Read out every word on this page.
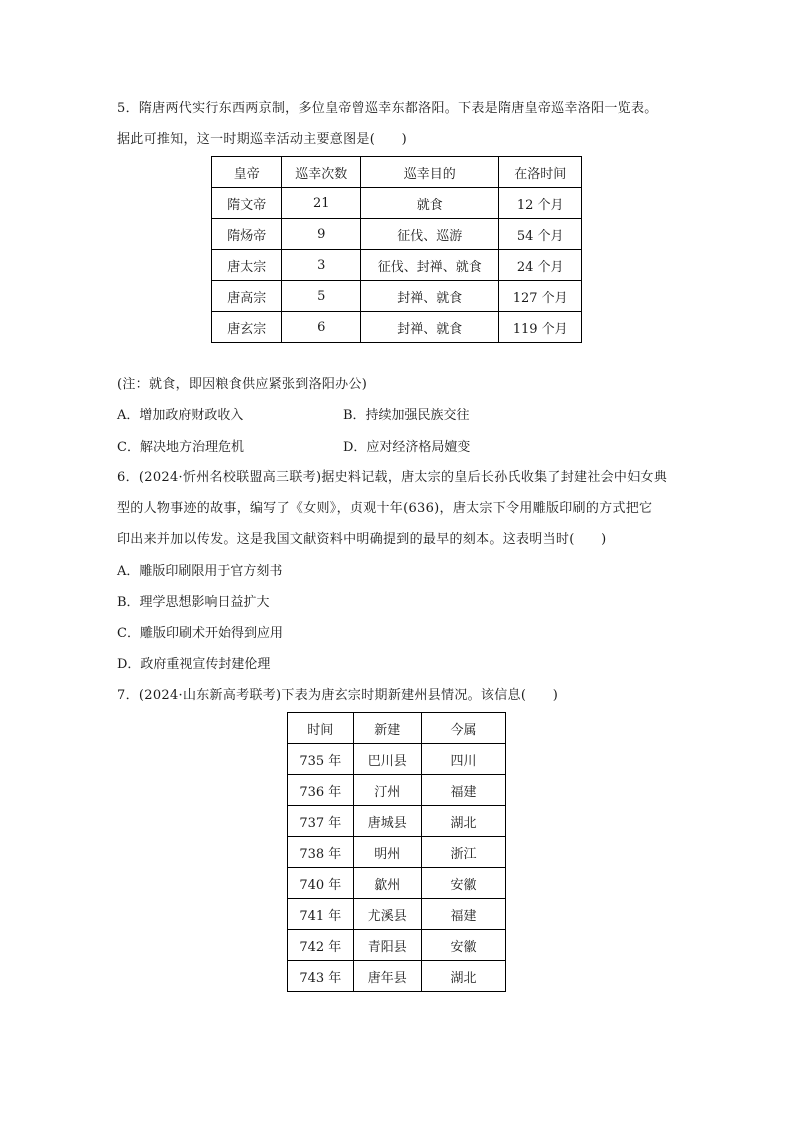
5．隋唐两代实行东西两京制，多位皇帝曾巡幸东都洛阳。下表是隋唐皇帝巡幸洛阳一览表。
据此可推知，这一时期巡幸活动主要意图是(　　)
皇帝	巡幸次数	巡幸目的	在洛时间
隋文帝	21	就食	12 个月
隋炀帝	9	征伐、巡游	54 个月
唐太宗	3	征伐、封禅、就食	24 个月
唐高宗	5	封禅、就食	127 个月
唐玄宗	6	封禅、就食	119 个月
(注：就食，即因粮食供应紧张到洛阳办公)
A．增加政府财政收入	B．持续加强民族交往
C．解决地方治理危机	D．应对经济格局嬗变
6．(2024·忻州名校联盟高三联考)据史料记载，唐太宗的皇后长孙氏收集了封建社会中妇女典
型的人物事迹的故事，编写了《女则》，贞观十年(636)，唐太宗下令用雕版印刷的方式把它
印出来并加以传发。这是我国文献资料中明确提到的最早的刻本。这表明当时(　　)
A．雕版印刷限用于官方刻书
B．理学思想影响日益扩大
C．雕版印刷术开始得到应用
D．政府重视宣传封建伦理
7．(2024·山东新高考联考)下表为唐玄宗时期新建州县情况。该信息(　　)
时间	新建	今属
735 年	巴川县	四川
736 年	汀州	福建
737 年	唐城县	湖北
738 年	明州	浙江
740 年	歙州	安徽
741 年	尤溪县	福建
742 年	青阳县	安徽
743 年	唐年县	湖北
